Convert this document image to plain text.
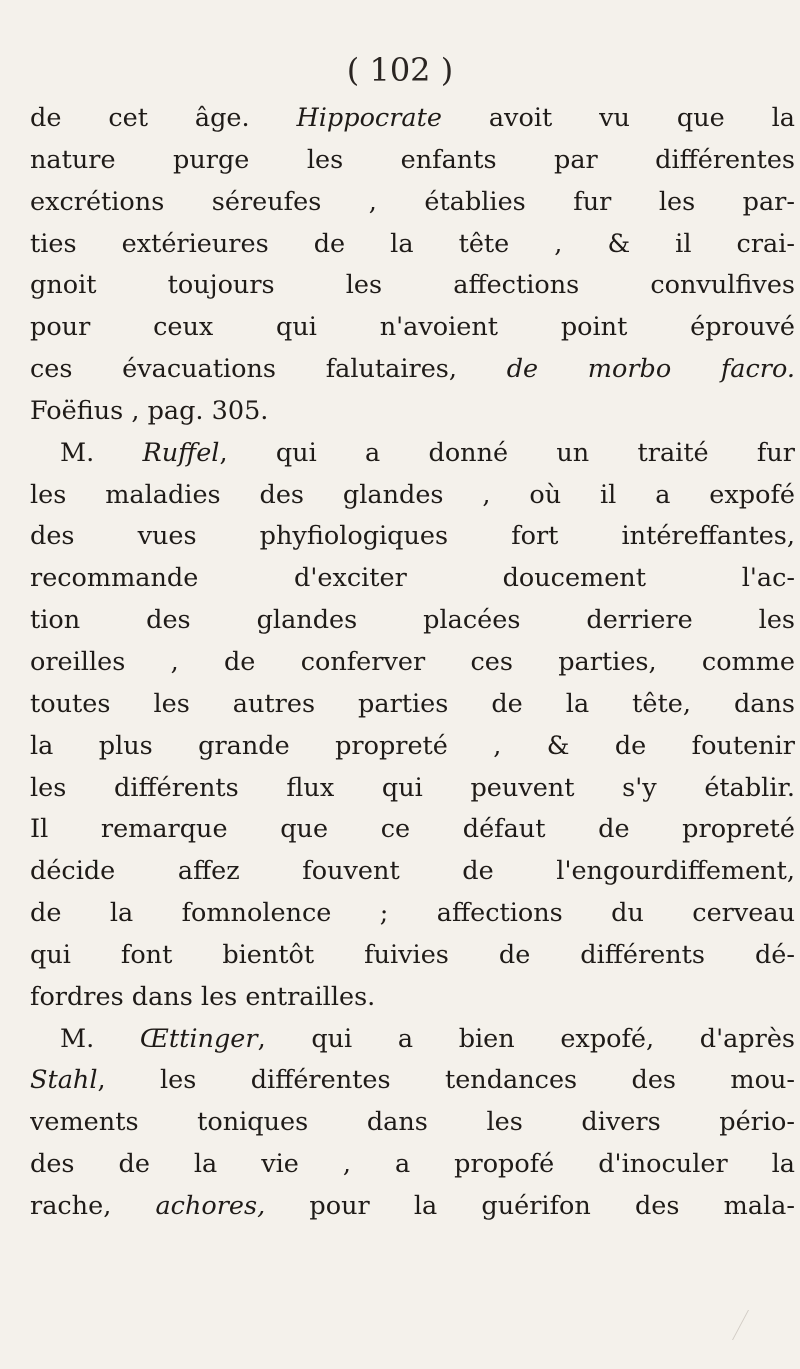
( 102 )
de cet âge. Hippocrate avoit vu que la
nature purge les enfants par différentes
excrétions séreufes , établies fur les par-
ties extérieures de la tête , & il crai-
gnoit toujours les affections convulfives
pour ceux qui n'avoient point éprouvé
ces évacuations falutaires, de morbo facro.
Foëfius , pag. 305.
M. Ruffel, qui a donné un traité fur
les maladies des glandes , où il a expofé
des vues phyfiologiques fort intéreffantes,
recommande d'exciter doucement l'ac-
tion des glandes placées derriere les
oreilles , de conferver ces parties, comme
toutes les autres parties de la tête, dans
la plus grande propreté , & de foutenir
les différents flux qui peuvent s'y établir.
Il remarque que ce défaut de propreté
décide affez fouvent de l'engourdiffement,
de la fomnolence ; affections du cerveau
qui font bientôt fuivies de différents dé-
fordres dans les entrailles.
M. Œttinger, qui a bien expofé, d'après
Stahl, les différentes tendances des mou-
vements toniques dans les divers pério-
des de la vie , a propofé d'inoculer la
rache, achores, pour la guérifon des mala-
